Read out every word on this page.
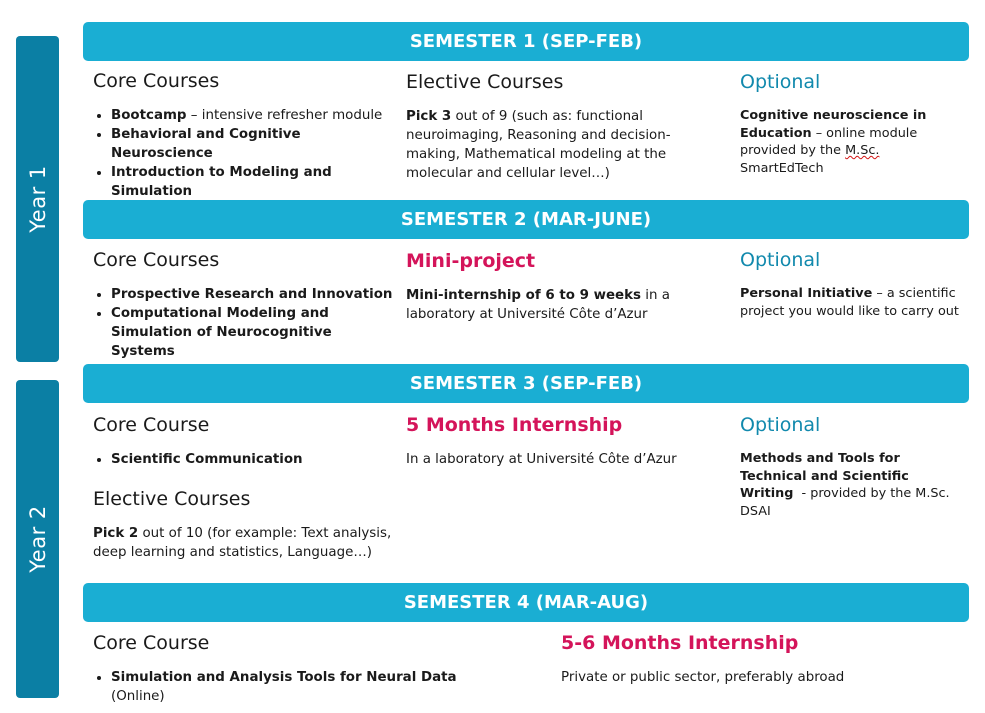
Year 1
Year 2
SEMESTER 1 (SEP-FEB)
Core Courses
• Bootcamp – intensive refresher module
• Behavioral and Cognitive Neuroscience
• Introduction to Modeling and Simulation
Elective Courses

Pick 3 out of 9 (such as: functional neuroimaging, Reasoning and decision-making, Mathematical modeling at the molecular and cellular level…)

Optional

Cognitive neuroscience in Education – online module provided by the M.Sc. SmartEdTech

SEMESTER 2 (MAR-JUNE)
Core Courses
• Prospective Research and Innovation
• Computational Modeling and Simulation of Neurocognitive Systems
Mini-project

Mini-internship of 6 to 9 weeks in a laboratory at Université Côte d’Azur

Optional

Personal Initiative – a scientific project you would like to carry out

SEMESTER 3 (SEP-FEB)
Core Course
• Scientific Communication
Elective Courses

Pick 2 out of 10 (for example: Text analysis, deep learning and statistics, Language…)

5 Months Internship

In a laboratory at Université Côte d’Azur

Optional

Methods and Tools for Technical and Scientific Writing  - provided by the M.Sc. DSAI

SEMESTER 4 (MAR-AUG)
Core Course
• Simulation and Analysis Tools for Neural Data (Online)
5-6 Months Internship

Private or public sector, preferably abroad
